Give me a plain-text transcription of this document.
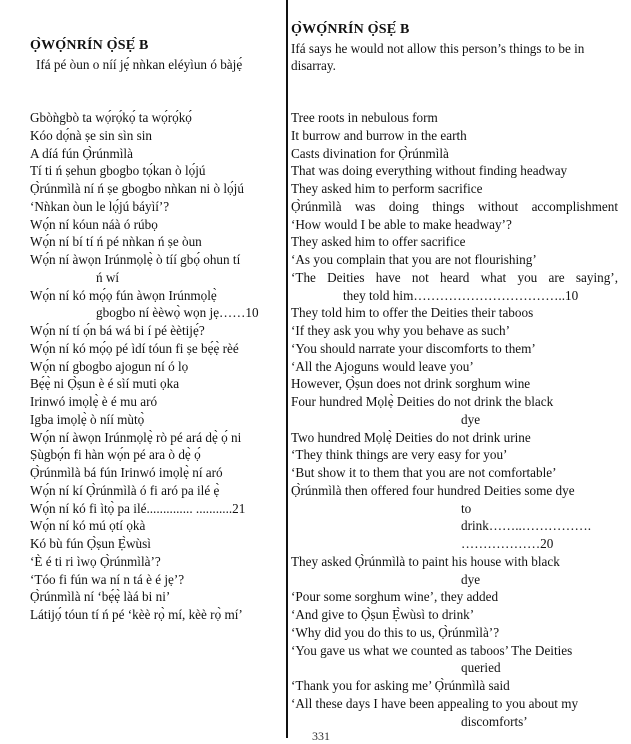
Ọ̀WỌ́NRÍN Ọ̀SẸ́ B
Ifá pé òun o níí jẹ́ nǹkan eléyìun ó bàjẹ́
Gbòǹgbò ta wọ́rọ́kọ́ ta wọ́rọ́kọ́
Kóo dọ́nà ṣe sin sìn sin
A díá fún Ọ̀rúnmìlà
Tí ti ń ṣehun gbogbo tọ́kan ò lọ́jú
Ọ̀rúnmìlà ní ń ṣe gbogbo nǹkan ni ò lọ́jú
‘Nǹkan òun le lọ́jú báyìí’?
Wọ́n ní kóun náà ó rúbọ
Wọ́n ní bí tí ń pé nǹkan ń ṣe òun
Wọ́n ní àwọn Irúnmọlẹ̀ ò tíí gbọ́ ohun tí
ń wí
Wọ́n ní kó mọ́ọ fún àwọn Irúnmọlẹ̀
gbogbo ní èèwọ̀ wọn jẹ……10
Wọ́n ní tí ọ́n bá wá bi í pé èètijẹ́?
Wọ́n ní kó mọ́ọ pé ìdí tóun fi ṣe bẹ́ẹ̀ rèé
Wọ́n ní gbogbo ajogun ní ó lọ
Bẹ́ẹ̀ ni Ọ̀ṣun è é sìí muti ọka
Irinwó imọlẹ̀ è é mu aró
Igba imọlẹ̀ ò níí mùtọ̀
Wọ́n ní àwọn Irúnmọlẹ̀ rò pé ará dẹ̀ ọ́ ni
Ṣùgbọ́n fi hàn wọ́n pé ara ò dẹ̀ ọ́
Ọ̀rúnmìlà bá fún Irinwó imọlẹ̀ ní aró
Wọ́n ní kí Ọ̀rúnmìlà ó fi aró pa ilé ẹ̀
Wọ́n ní kó fi ìtọ̀ pa ilé.............. ...........21
Wọ́n ní kó mú ọtí ọkà
Kó bù fún Ọ̀ṣun Ẹ̀wùsì
‘È é ti ri ìwọ Ọ̀rúnmìlà’?
‘Tóo fi fún wa ní n tá è é jẹ’?
Ọ̀rúnmìlà ní ‘bẹ́ẹ̀ làá bi ni’
Látijọ́ tóun tí ń pé ‘kèè rọ̀ mí, kèè rọ̀ mí’
Ọ̀WỌ́NRÍN Ọ̀SẸ́ B
Ifá says he would not allow this person’s things to be in disarray.
Tree roots in nebulous form
It burrow and burrow in the earth
Casts divination for Ọ̀rúnmìlà
That was doing everything without finding headway
They asked him to perform sacrifice
Ọ̀rúnmìlà was doing things without accomplishment
‘How would I be able to make headway’?
They asked him to offer sacrifice
‘As you complain that you are not flourishing’
‘The Deities have not heard what you are saying’,
they told him……………………………..10
They told him to offer the Deities their taboos
‘If they ask you why you behave as such’
‘You should narrate your discomforts to them’
‘All the Ajoguns would leave you’
However, Ọ̀ṣun does not drink sorghum wine
Four hundred Mọlẹ̀ Deities do not drink the black
dye
Two hundred Mọlẹ̀ Deities do not drink urine
‘They think things are very easy for you’
‘But show it to them that you are not comfortable’
Ọ̀rúnmìlà then offered four hundred Deities some dye
to
drink……..…………….
………………20
They asked Ọ̀rúnmìlà to paint his house with black
dye
‘Pour some sorghum wine’, they added
‘And give to Ọ̀ṣun Ẹ̀wùsì to drink’
‘Why did you do this to us, Ọ̀rúnmìlà’?
‘You gave us what we counted as taboos’ The Deities
queried
‘Thank you for asking me’ Ọ̀rúnmìlà said
‘All these days I have been appealing to you about my
discomforts’
331
